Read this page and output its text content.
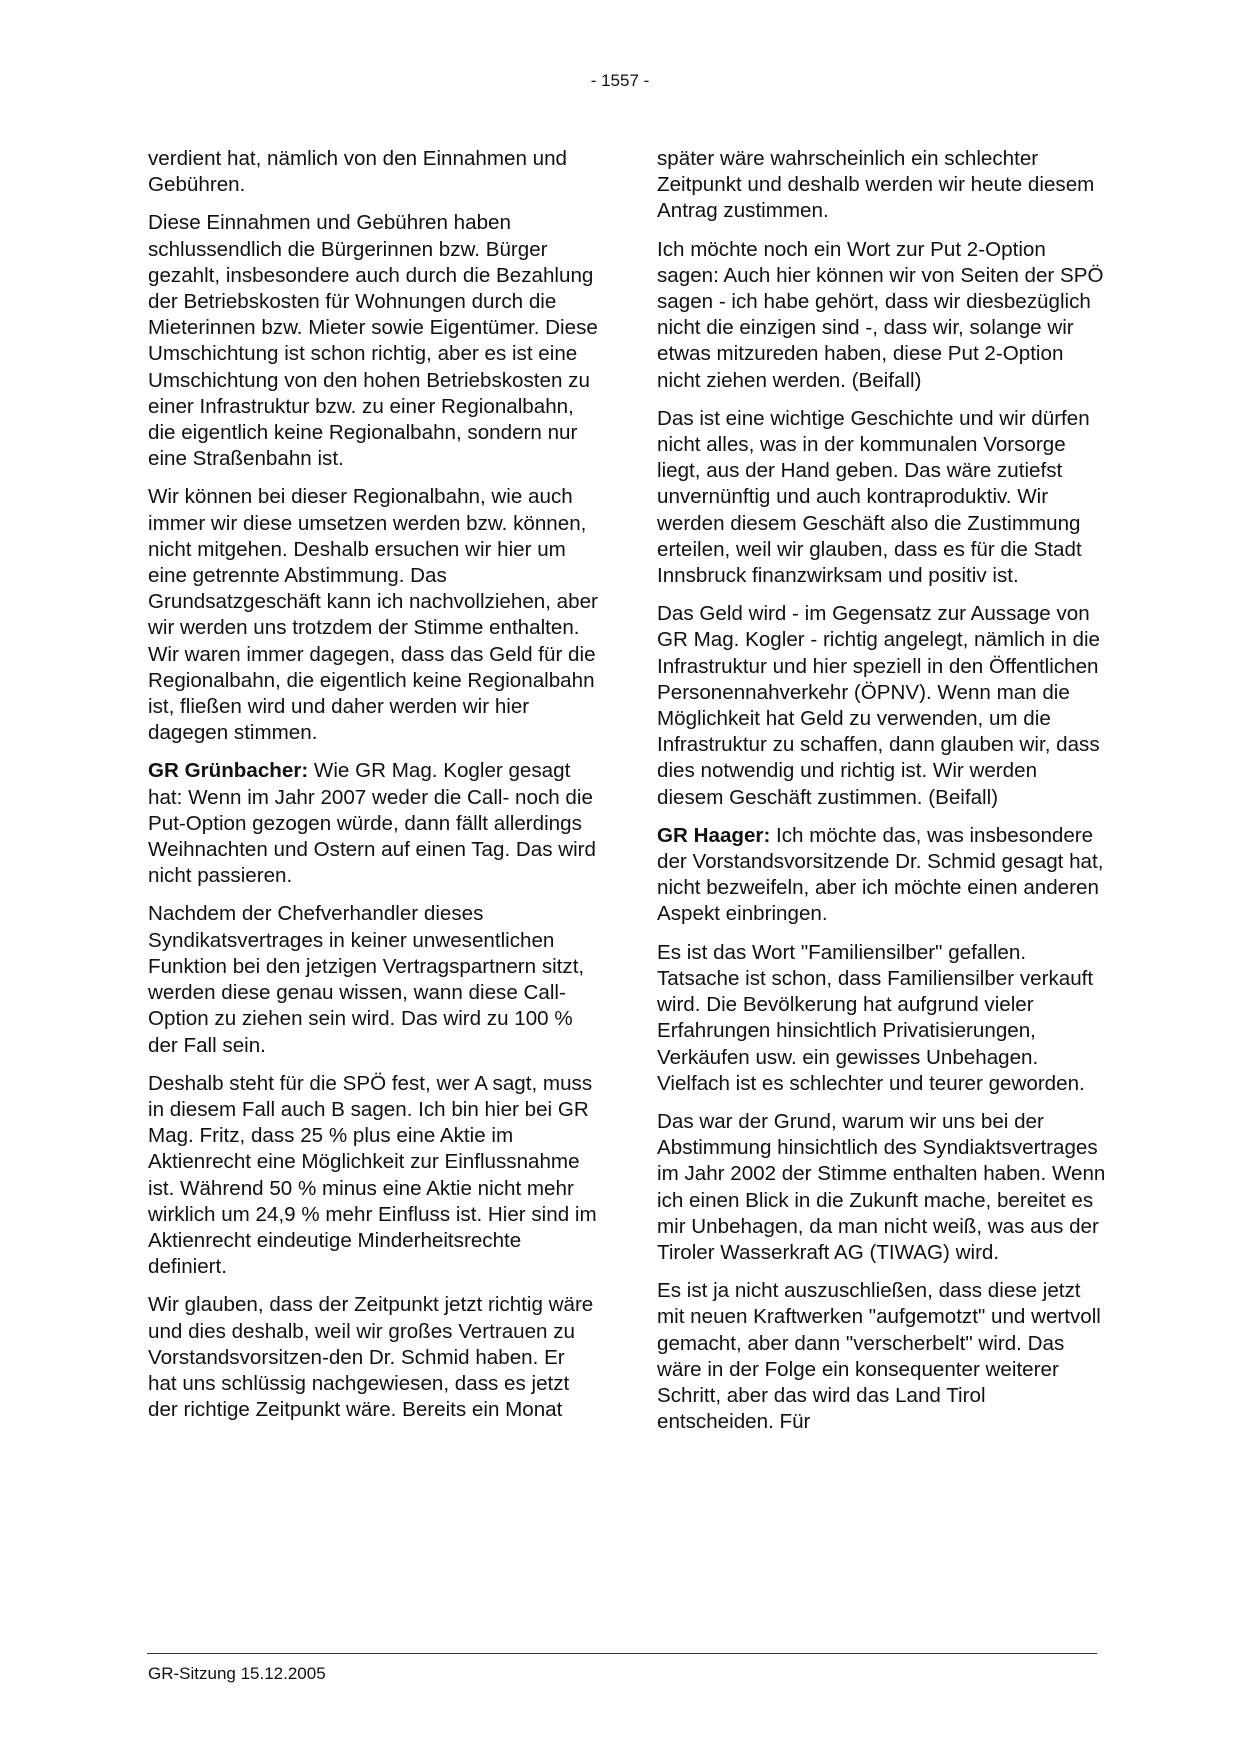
- 1557 -

verdient hat, nämlich von den Einnahmen und Gebühren.

Diese Einnahmen und Gebühren haben schlussendlich die Bürgerinnen bzw. Bürger gezahlt, insbesondere auch durch die Bezahlung der Betriebskosten für Wohnungen durch die Mieterinnen bzw. Mieter sowie Eigentümer. Diese Umschichtung ist schon richtig, aber es ist eine Umschichtung von den hohen Betriebskosten zu einer Infrastruktur bzw. zu einer Regionalbahn, die eigentlich keine Regionalbahn, sondern nur eine Straßenbahn ist.

Wir können bei dieser Regionalbahn, wie auch immer wir diese umsetzen werden bzw. können, nicht mitgehen. Deshalb ersuchen wir hier um eine getrennte Abstimmung. Das Grundsatzgeschäft kann ich nachvollziehen, aber wir werden uns trotzdem der Stimme enthalten. Wir waren immer dagegen, dass das Geld für die Regionalbahn, die eigentlich keine Regionalbahn ist, fließen wird und daher werden wir hier dagegen stimmen.

GR Grünbacher: Wie GR Mag. Kogler gesagt hat: Wenn im Jahr 2007 weder die Call- noch die Put-Option gezogen würde, dann fällt allerdings Weihnachten und Ostern auf einen Tag. Das wird nicht passieren.

Nachdem der Chefverhandler dieses Syndikatsvertrages in keiner unwesentlichen Funktion bei den jetzigen Vertragspartnern sitzt, werden diese genau wissen, wann diese Call-Option zu ziehen sein wird. Das wird zu 100 % der Fall sein.

Deshalb steht für die SPÖ fest, wer A sagt, muss in diesem Fall auch B sagen. Ich bin hier bei GR Mag. Fritz, dass 25 % plus eine Aktie im Aktienrecht eine Möglichkeit zur Einflussnahme ist. Während 50 % minus eine Aktie nicht mehr wirklich um 24,9 % mehr Einfluss ist. Hier sind im Aktienrecht eindeutige Minderheitsrechte definiert.

Wir glauben, dass der Zeitpunkt jetzt richtig wäre und dies deshalb, weil wir großes Vertrauen zu Vorstandsvorsitzen-den Dr. Schmid haben. Er hat uns schlüssig nachgewiesen, dass es jetzt der richtige Zeitpunkt wäre. Bereits ein Monat

später wäre wahrscheinlich ein schlechter Zeitpunkt und deshalb werden wir heute diesem Antrag zustimmen.

Ich möchte noch ein Wort zur Put 2-Option sagen: Auch hier können wir von Seiten der SPÖ sagen - ich habe gehört, dass wir diesbezüglich nicht die einzigen sind -, dass wir, solange wir etwas mitzureden haben, diese Put 2-Option nicht ziehen werden. (Beifall)

Das ist eine wichtige Geschichte und wir dürfen nicht alles, was in der kommunalen Vorsorge liegt, aus der Hand geben. Das wäre zutiefst unvernünftig und auch kontraproduktiv. Wir werden diesem Geschäft also die Zustimmung erteilen, weil wir glauben, dass es für die Stadt Innsbruck finanzwirksam und positiv ist.

Das Geld wird - im Gegensatz zur Aussage von GR Mag. Kogler - richtig angelegt, nämlich in die Infrastruktur und hier speziell in den Öffentlichen Personennahverkehr (ÖPNV). Wenn man die Möglichkeit hat Geld zu verwenden, um die Infrastruktur zu schaffen, dann glauben wir, dass dies notwendig und richtig ist. Wir werden diesem Geschäft zustimmen. (Beifall)

GR Haager: Ich möchte das, was insbesondere der Vorstandsvorsitzende Dr. Schmid gesagt hat, nicht bezweifeln, aber ich möchte einen anderen Aspekt einbringen.

Es ist das Wort "Familiensilber" gefallen. Tatsache ist schon, dass Familiensilber verkauft wird. Die Bevölkerung hat aufgrund vieler Erfahrungen hinsichtlich Privatisierungen, Verkäufen usw. ein gewisses Unbehagen. Vielfach ist es schlechter und teurer geworden.

Das war der Grund, warum wir uns bei der Abstimmung hinsichtlich des Syndiaktsvertrages im Jahr 2002 der Stimme enthalten haben. Wenn ich einen Blick in die Zukunft mache, bereitet es mir Unbehagen, da man nicht weiß, was aus der Tiroler Wasserkraft AG (TIWAG) wird.

Es ist ja nicht auszuschließen, dass diese jetzt mit neuen Kraftwerken "aufgemotzt" und wertvoll gemacht, aber dann "verscherbelt" wird. Das wäre in der Folge ein konsequenter weiterer Schritt, aber das wird das Land Tirol entscheiden. Für

GR-Sitzung 15.12.2005
